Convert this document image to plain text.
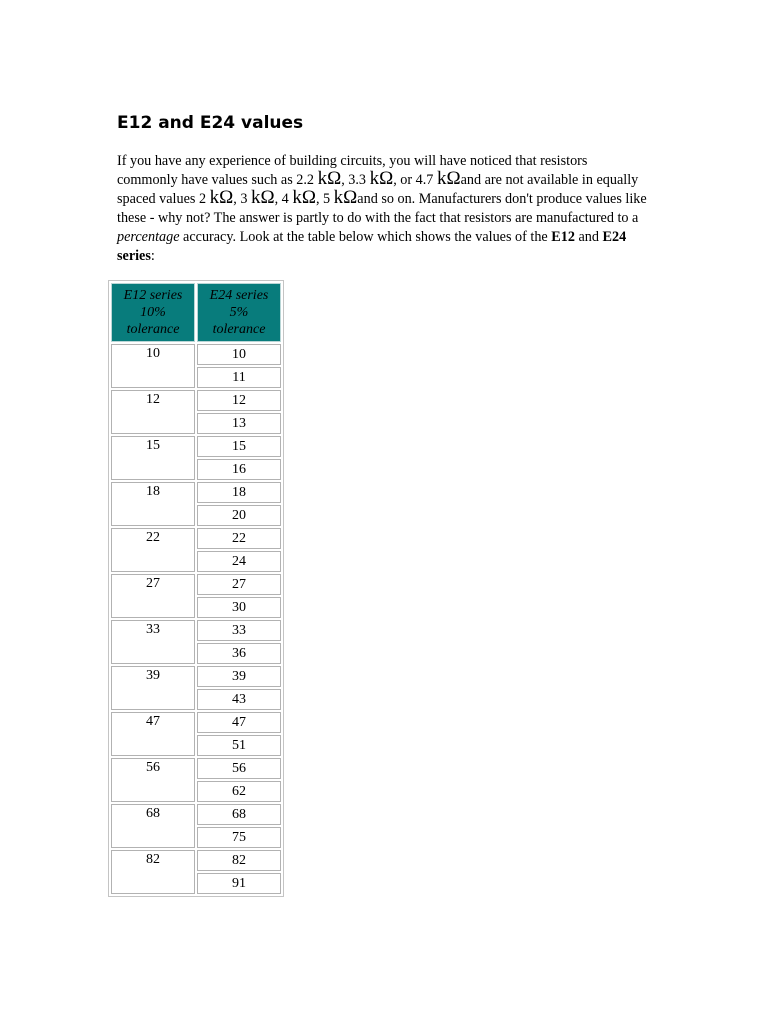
E12 and E24 values

If you have any experience of building circuits, you will have noticed that resistors commonly have values such as 2.2 kΩ, 3.3 kΩ, or 4.7 kΩand are not available in equally spaced values 2 kΩ, 3 kΩ, 4 kΩ, 5 kΩand so on. Manufacturers don't produce values like these - why not? The answer is partly to do with the fact that resistors are manufactured to a percentage accuracy. Look at the table below which shows the values of the E12 and E24 series:

E12 series 10% tolerance	E24 series 5% tolerance

10	10
	11

12	12
	13

15	15
	16

18	18
	20

22	22
	24

27	27
	30

33	33
	36

39	39
	43

47	47
	51

56	56
	62

68	68
	75

82	82
	91
